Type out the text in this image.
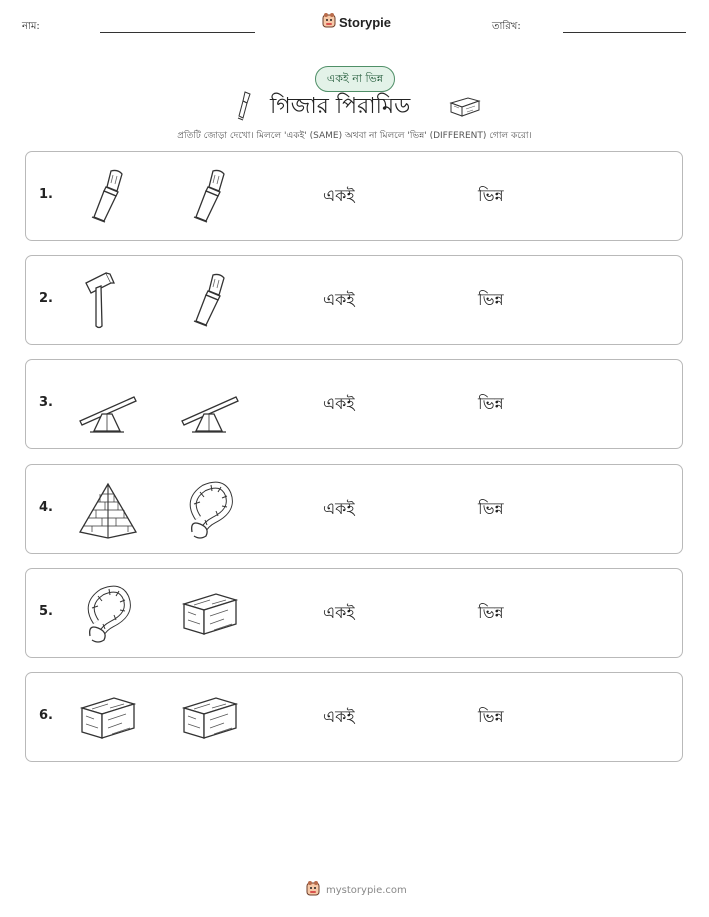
নাম:	Storypie	তারিখ:
একই না ভিন্ন
গিজার পিরামিড
প্রতিটি জোড়া দেখো। মিললে 'একই' (SAME) অথবা না মিললে 'ভিন্ন' (DIFFERENT) গোল করো।
1.	একই	ভিন্ন
2.	একই	ভিন্ন
3.	একই	ভিন্ন
4.	একই	ভিন্ন
5.	একই	ভিন্ন
6.	একই	ভিন্ন
mystorypie.com
